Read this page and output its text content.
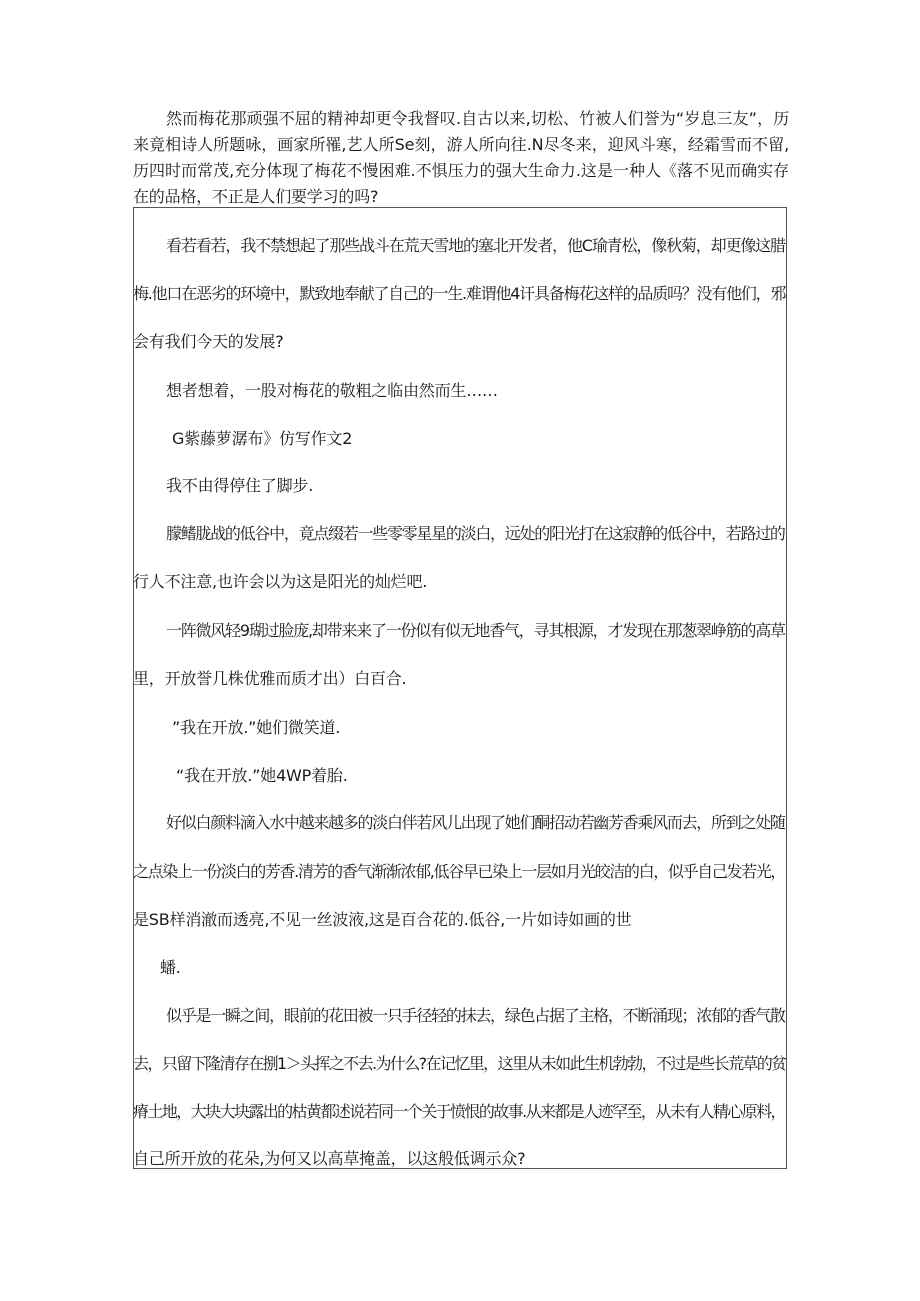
然而梅花那顽强不屈的精神却更令我督叹.自古以来,切松、竹被人们誉为“岁息三友”，历来竟相诗人所题咏，画家所罹,艺人所Se刻，游人所向往.N尽冬来，迎风斗寒，经霜雪而不留,历四时而常茂,充分体现了梅花不慢困难.不惧压力的强大生命力.这是一种人《落不见而确实存在的品格，不正是人们要学习的吗?

看若看若，我不禁想起了那些战斗在荒天雪地的塞北开发者，他C瑜青松，像秋菊，却更像这腊
梅.他口在恶劣的环境中，默致地奉献了自己的一生.难谓他4讦具备梅花这样的品质吗？没有他们，邪
会有我们今天的发展?
想者想着，一股对梅花的敬粗之临由然而生……
G紫藤萝潺布》仿写作文2
我不由得停住了脚步.
朦鳍胧战的低谷中，竟点缀若一些零零星星的淡白，远处的阳光打在这寂静的低谷中，若路过的
行人不注意,也许会以为这是阳光的灿烂吧.
一阵微风轻9瑚过脸庞,却带来来了一份似有似无地香气，寻其根源，才发现在那葱翠峥筋的高草
里，开放誉几株优雅而质才出）白百合.
”我在开放.”她们微笑道.
“我在开放.”她4WP着胎.
好似白颜料滴入水中越来越多的淡白伴若风儿出现了她们酮招动若幽芳香乘风而去，所到之处随
之点染上一份淡白的芳香.清芳的香气渐渐浓郁,低谷早已染上一层如月光皎洁的白，似乎自己发若光，
是SB样消澈而透亮,不见一丝波液,这是百合花的.低谷,一片如诗如画的世
蟠.
似乎是一瞬之间，眼前的花田被一只手径轻的抹去，绿色占据了主格，不断涌现；浓郁的香气散
去，只留下隆清存在捌1＞头挥之不去.为什么?在记忆里，这里从未如此生机勃勃，不过是些长荒草的贫
瘠土地，大块大块露出的枯黄都述说若同一个关于愤恨的故事.从来都是人迹罕至，从未有人精心原料，
自己所开放的花朵,为何又以高草掩盖，以这般低调示众?
